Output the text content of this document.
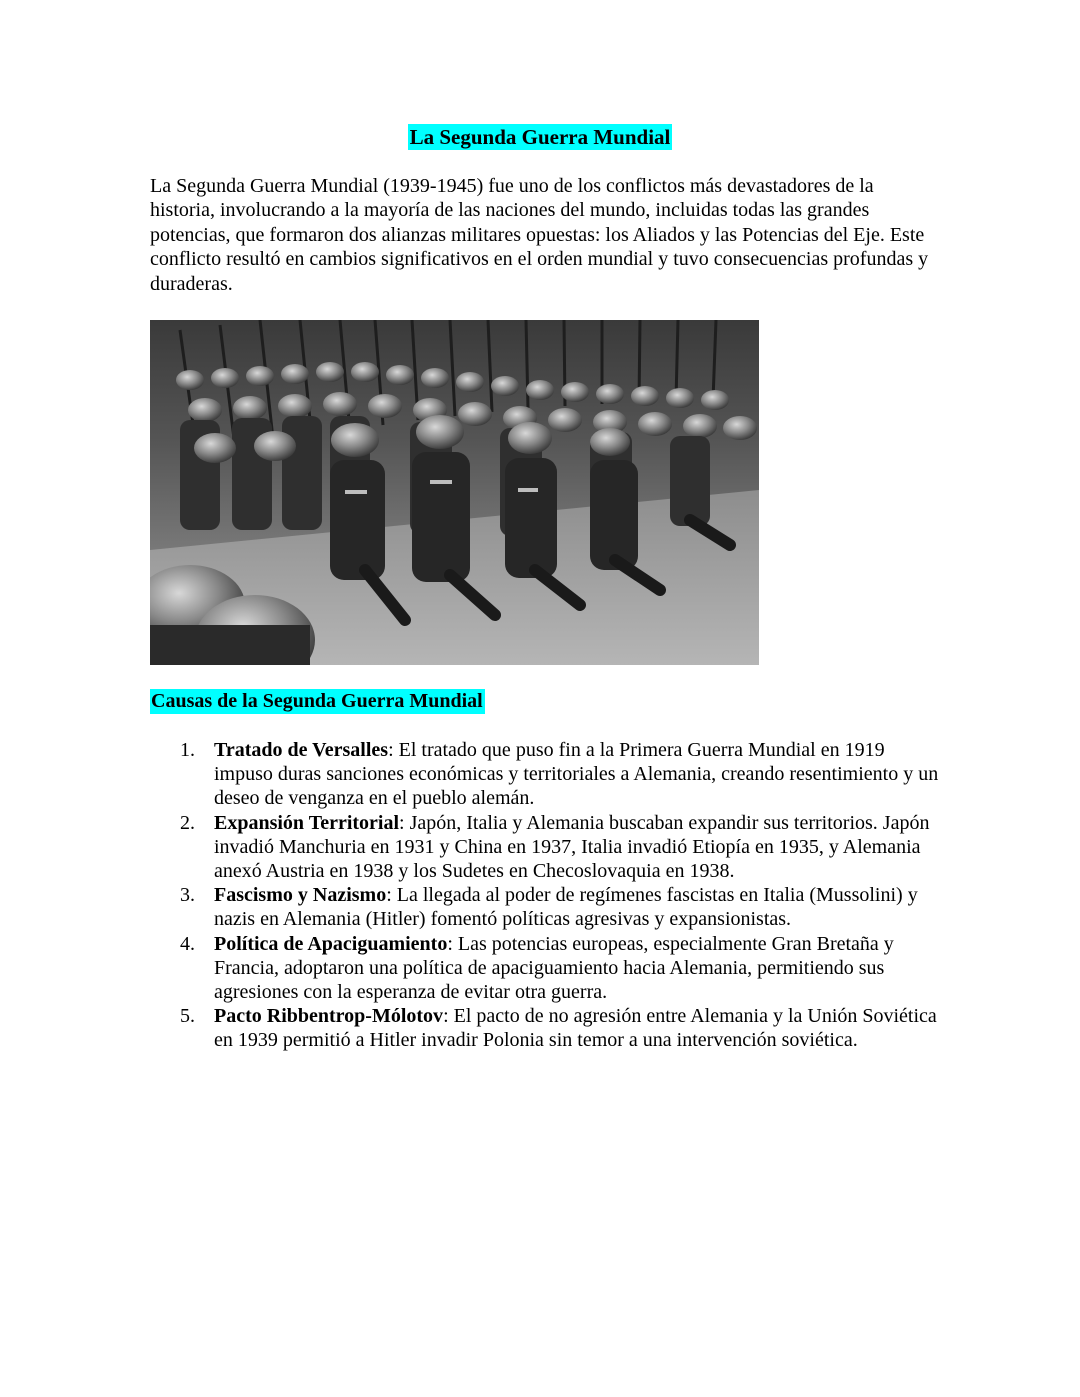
La Segunda Guerra Mundial

La Segunda Guerra Mundial (1939-1945) fue uno de los conflictos más devastadores de la historia, involucrando a la mayoría de las naciones del mundo, incluidas todas las grandes potencias, que formaron dos alianzas militares opuestas: los Aliados y las Potencias del Eje. Este conflicto resultó en cambios significativos en el orden mundial y tuvo consecuencias profundas y duraderas.

Causas de la Segunda Guerra Mundial
1. Tratado de Versalles: El tratado que puso fin a la Primera Guerra Mundial en 1919 impuso duras sanciones económicas y territoriales a Alemania, creando resentimiento y un deseo de venganza en el pueblo alemán.
2. Expansión Territorial: Japón, Italia y Alemania buscaban expandir sus territorios. Japón invadió Manchuria en 1931 y China en 1937, Italia invadió Etiopía en 1935, y Alemania anexó Austria en 1938 y los Sudetes en Checoslovaquia en 1938.
3. Fascismo y Nazismo: La llegada al poder de regímenes fascistas en Italia (Mussolini) y nazis en Alemania (Hitler) fomentó políticas agresivas y expansionistas.
4. Política de Apaciguamiento: Las potencias europeas, especialmente Gran Bretaña y Francia, adoptaron una política de apaciguamiento hacia Alemania, permitiendo sus agresiones con la esperanza de evitar otra guerra.
5. Pacto Ribbentrop-Mólotov: El pacto de no agresión entre Alemania y la Unión Soviética en 1939 permitió a Hitler invadir Polonia sin temor a una intervención soviética.
